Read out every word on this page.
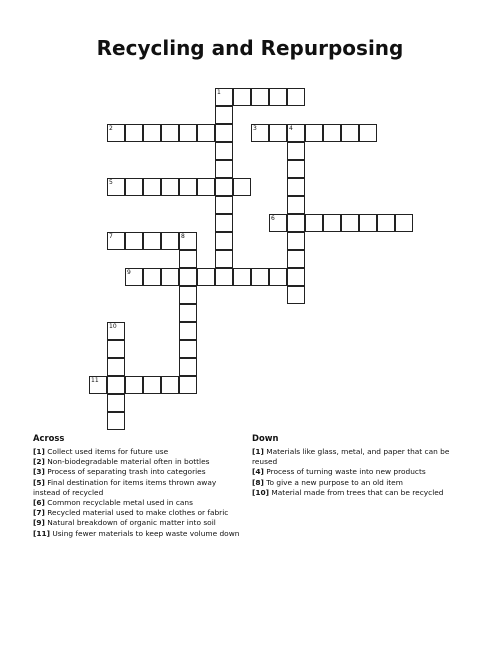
Recycling and Repurposing
1
2	3	4
5
6
7	8
9
10
11
Across
[1] Collect used items for future use
[2] Non-biodegradable material often in bottles
[3] Process of separating trash into categories
[5] Final destination for items items thrown away instead of recycled
[6] Common recyclable metal used in cans
[7] Recycled material used to make clothes or fabric
[9] Natural breakdown of organic matter into soil
[11] Using fewer materials to keep waste volume down
Down
[1] Materials like glass, metal, and paper that can be reused
[4] Process of turning waste into new products
[8] To give a new purpose to an old item
[10] Material made from trees that can be recycled
